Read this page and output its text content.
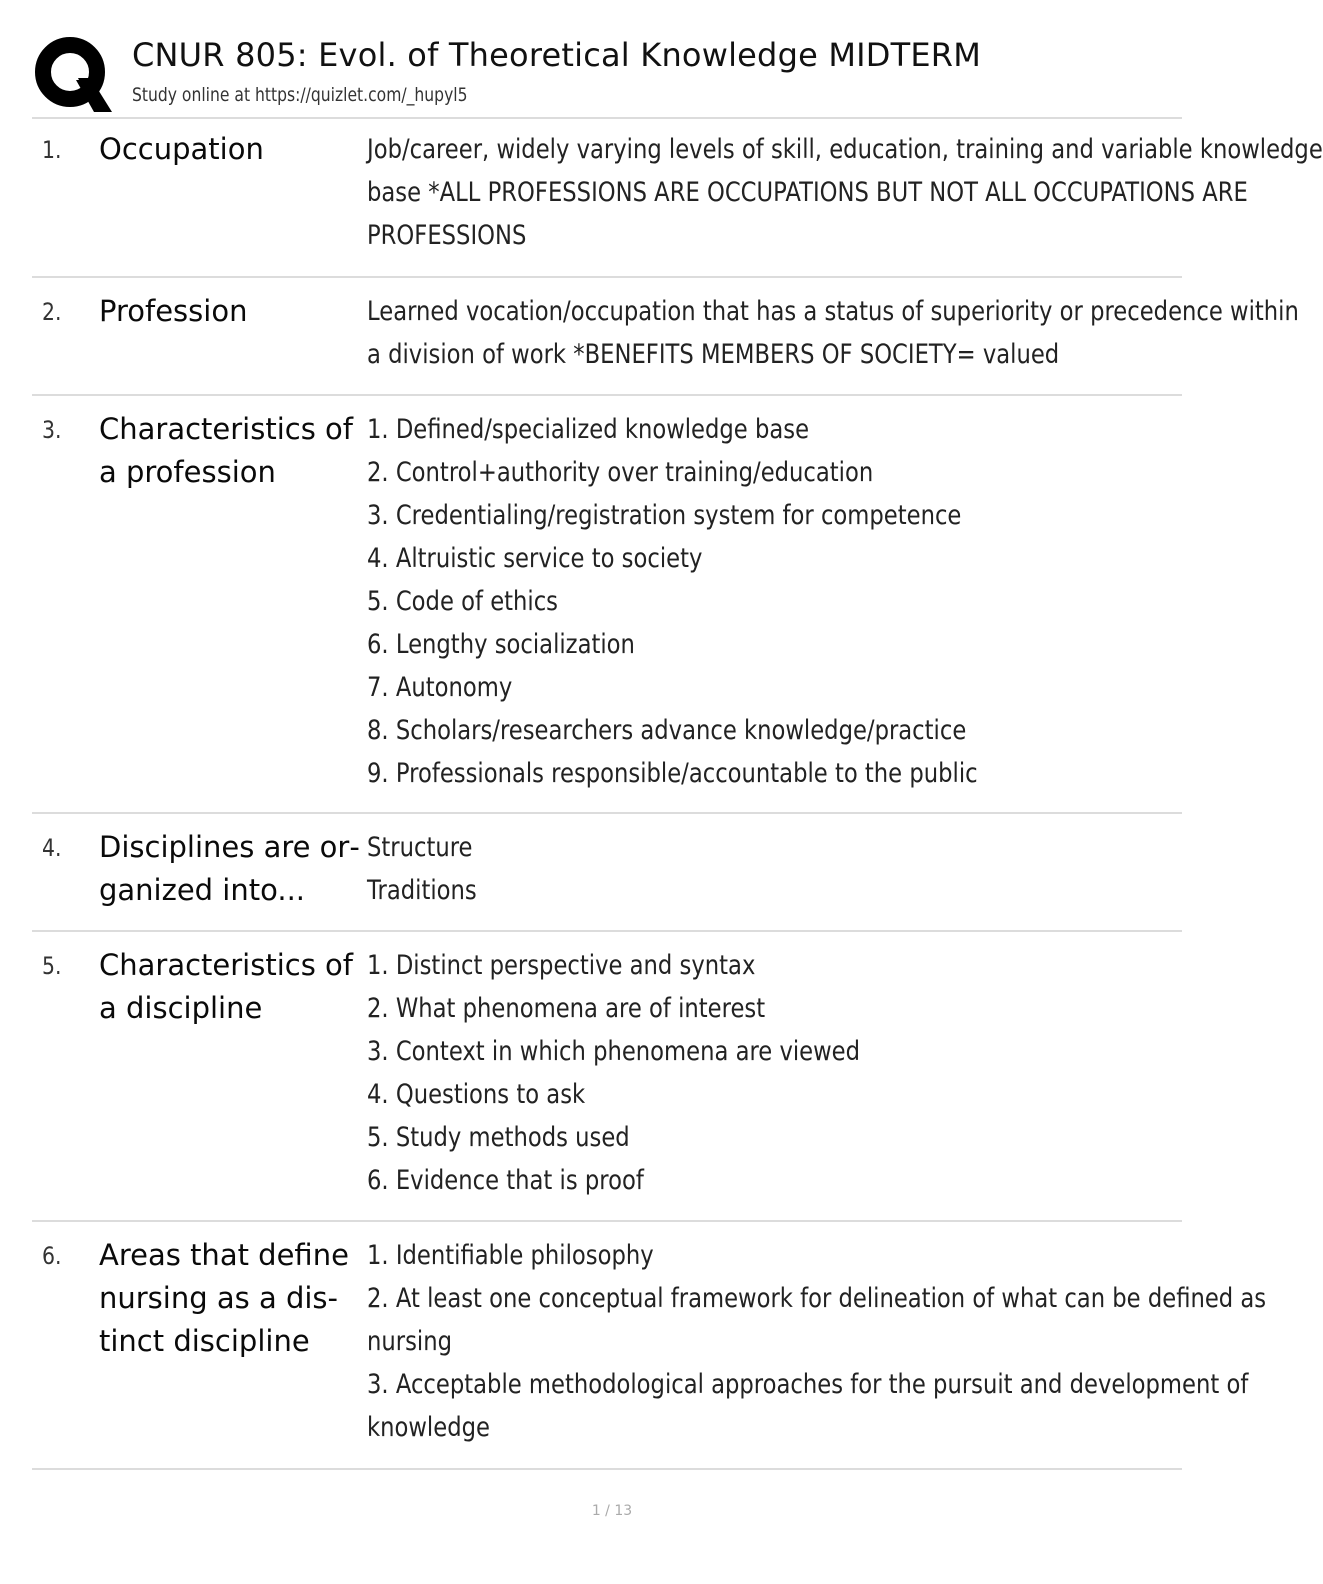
CNUR 805: Evol. of Theoretical Knowledge MIDTERM
Study online at https://quizlet.com/_hupyl5
1. Occupation	Job/career, widely varying levels of skill, education, training and variable knowledge
base *ALL PROFESSIONS ARE OCCUPATIONS BUT NOT ALL OCCUPATIONS ARE
PROFESSIONS
2. Profession	Learned vocation/occupation that has a status of superiority or precedence within
a division of work *BENEFITS MEMBERS OF SOCIETY= valued
3. Characteristics of a profession
1. Defined/specialized knowledge base
2. Control+authority over training/education
3. Credentialing/registration system for competence
4. Altruistic service to society
5. Code of ethics
6. Lengthy socialization
7. Autonomy
8. Scholars/researchers advance knowledge/practice
9. Professionals responsible/accountable to the public
4. Disciplines are organized into...
Structure
Traditions
5. Characteristics of a discipline
1. Distinct perspective and syntax
2. What phenomena are of interest
3. Context in which phenomena are viewed
4. Questions to ask
5. Study methods used
6. Evidence that is proof
6. Areas that define nursing as a distinct discipline
1. Identifiable philosophy
2. At least one conceptual framework for delineation of what can be defined as
nursing
3. Acceptable methodological approaches for the pursuit and development of
knowledge
1 / 13
